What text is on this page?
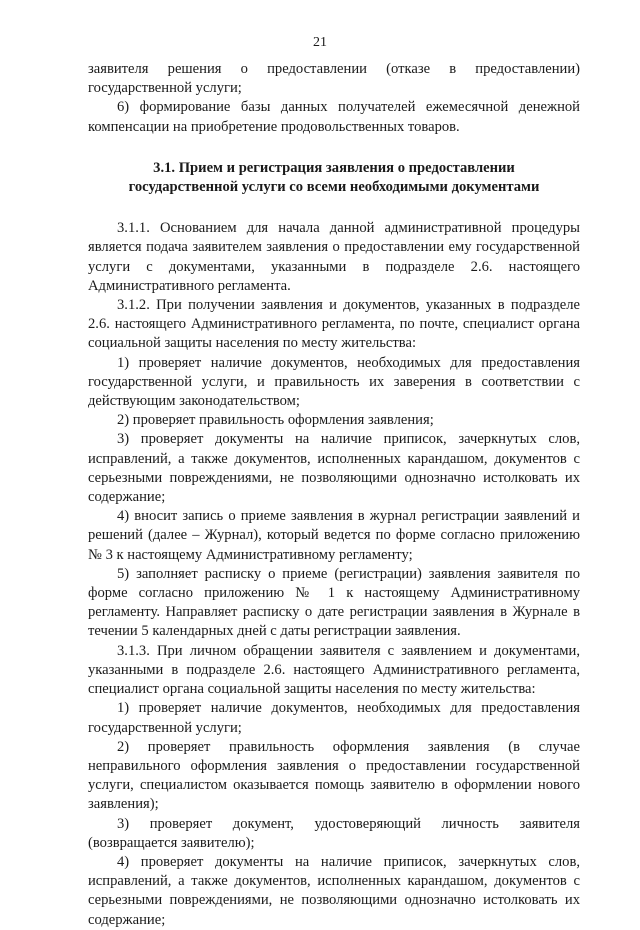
21

заявителя решения о предоставлении (отказе в предоставлении) государственной услуги;

6) формирование базы данных получателей ежемесячной денежной компенсации на приобретение продовольственных товаров.

3.1. Прием и регистрация заявления о предоставлении государственной услуги со всеми необходимыми документами

3.1.1. Основанием для начала данной административной процедуры является подача заявителем заявления о предоставлении ему государственной услуги с документами, указанными в подразделе 2.6. настоящего Административного регламента.

3.1.2. При получении заявления и документов, указанных в подразделе 2.6. настоящего Административного регламента, по почте, специалист органа социальной защиты населения по месту жительства:

1) проверяет наличие документов, необходимых для предоставления государственной услуги, и правильность их заверения в соответствии с действующим законодательством;

2) проверяет правильность оформления заявления;

3) проверяет документы на наличие приписок, зачеркнутых слов, исправлений, а также документов, исполненных карандашом, документов с серьезными повреждениями, не позволяющими однозначно истолковать их содержание;

4) вносит запись о приеме заявления в журнал регистрации заявлений и решений (далее – Журнал), который ведется по форме согласно приложению № 3 к настоящему Административному регламенту;

5) заполняет расписку о приеме (регистрации) заявления заявителя по форме согласно приложению № 1 к настоящему Административному регламенту. Направляет расписку о дате регистрации заявления в Журнале в течении 5 календарных дней с даты регистрации заявления.

3.1.3. При личном обращении заявителя с заявлением и документами, указанными в подразделе 2.6. настоящего Административного регламента, специалист органа социальной защиты населения по месту жительства:

1) проверяет наличие документов, необходимых для предоставления государственной услуги;

2) проверяет правильность оформления заявления (в случае неправильного оформления заявления о предоставлении государственной услуги, специалистом оказывается помощь заявителю в оформлении нового заявления);

3) проверяет документ, удостоверяющий личность заявителя (возвращается заявителю);

4) проверяет документы на наличие приписок, зачеркнутых слов, исправлений, а также документов, исполненных карандашом, документов с серьезными повреждениями, не позволяющими однозначно истолковать их содержание;
